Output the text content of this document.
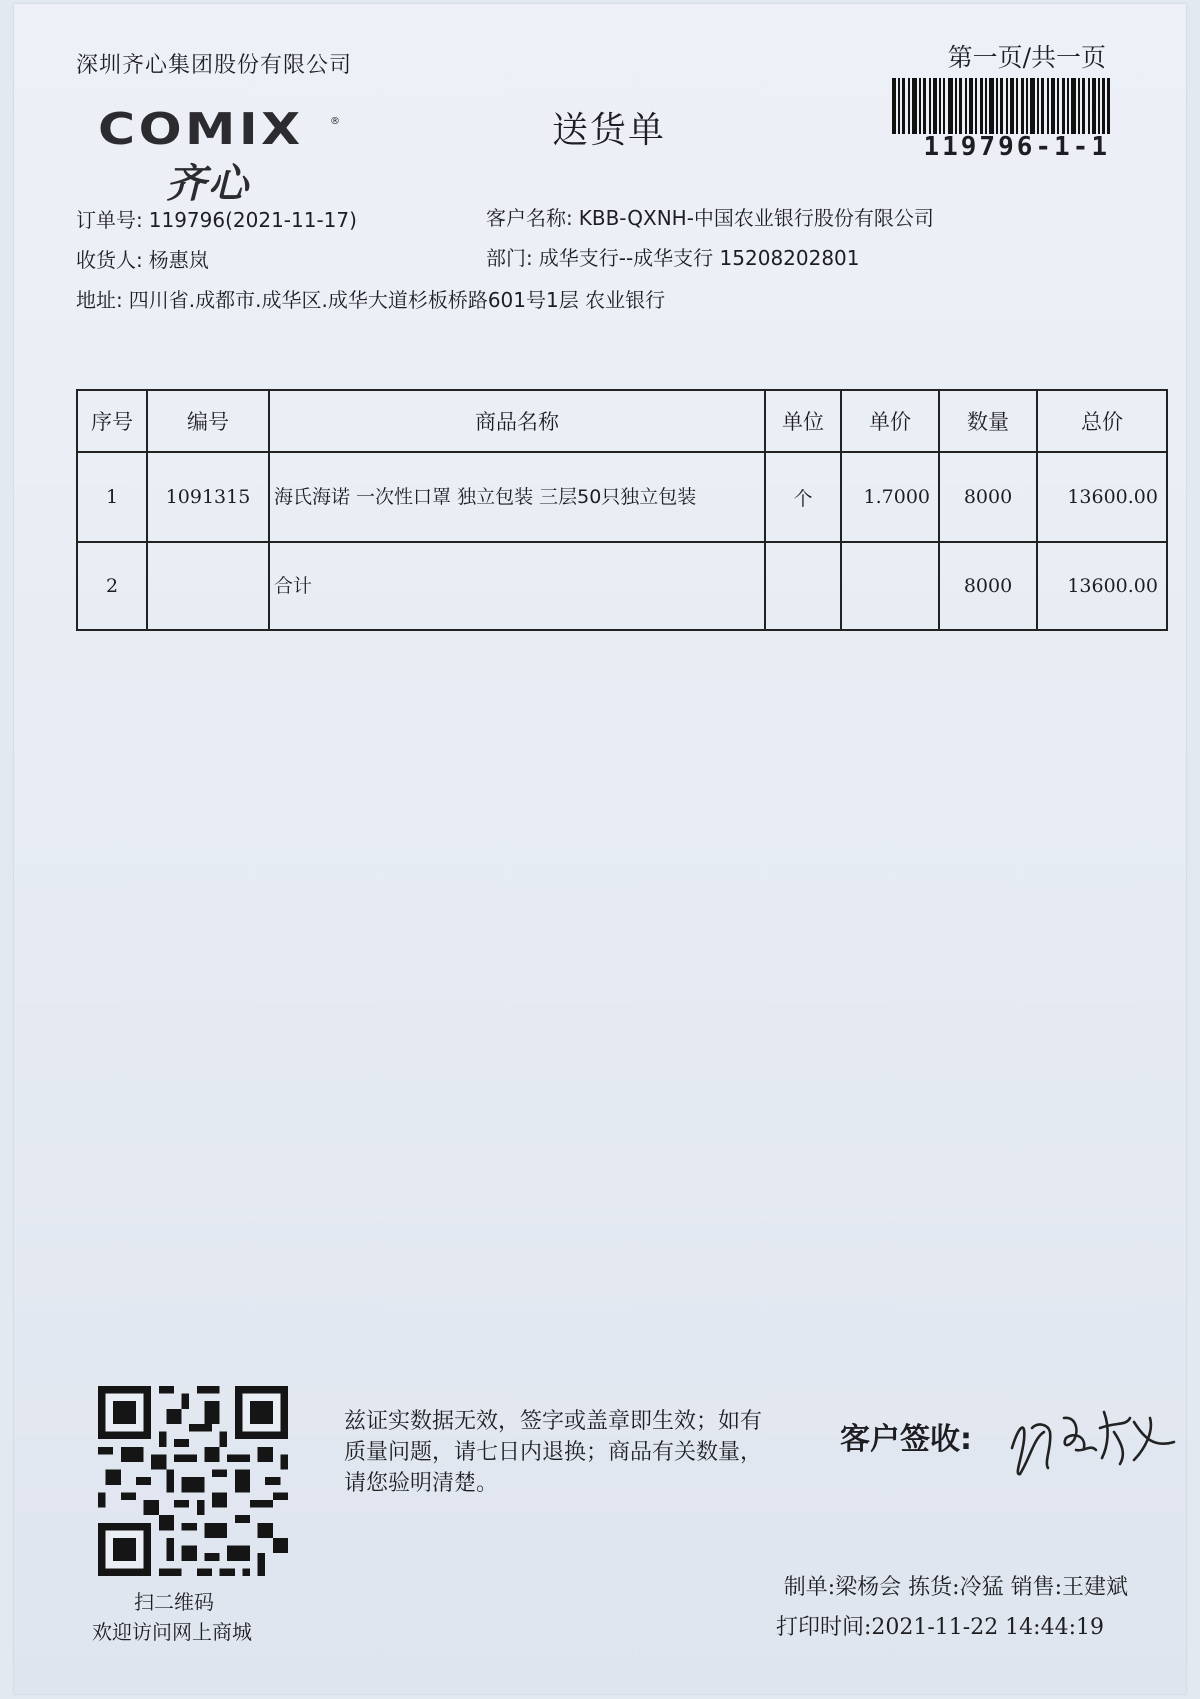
深圳齐心集团股份有限公司	第一页/共一页
119796-1-1
COMIX	®
齐心
送货单
订单号: 119796(2021-11-17)	客户名称: KBB-QXNH-中国农业银行股份有限公司
收货人: 杨惠岚	部门: 成华支行--成华支行 15208202801
地址: 四川省.成都市.成华区.成华大道杉板桥路601号1层 农业银行
序号	编号	商品名称	单位	单价	数量	总价
1	1091315	海氏海诺 一次性口罩 独立包装 三层50只独立包装	个	1.7000	8000	13600.00
2		合计			8000	13600.00
扫二维码
欢迎访问网上商城
兹证实数据无效，签字或盖章即生效；如有质量问题，请七日内退换；商品有关数量，请您验明清楚。
客户签收:
制单:梁杨会 拣货:冷猛 销售:王建斌
打印时间:2021-11-22 14:44:19
